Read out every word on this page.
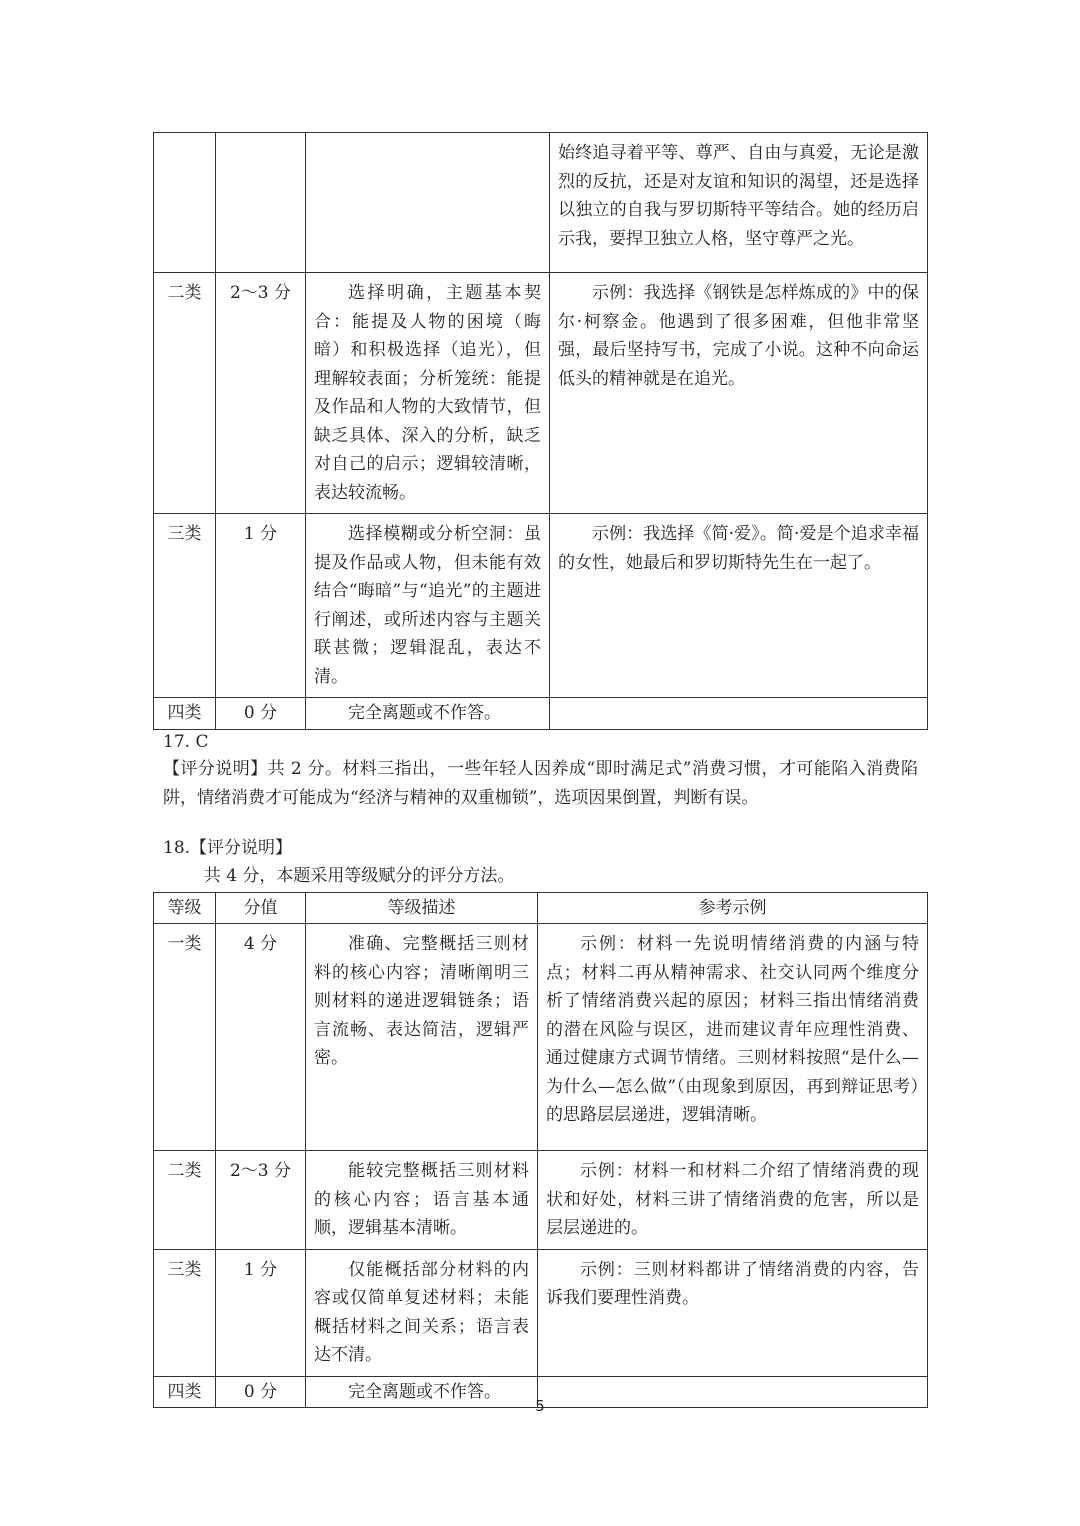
			始终追寻着平等、尊严、自由与真爱，无论是激烈的反抗，还是对友谊和知识的渴望，还是选择以独立的自我与罗切斯特平等结合。她的经历启示我，要捍卫独立人格，坚守尊严之光。
二类	2～3 分	选择明确，主题基本契合：能提及人物的困境（晦暗）和积极选择（追光），但理解较表面；分析笼统：能提及作品和人物的大致情节，但缺乏具体、深入的分析，缺乏对自己的启示；逻辑较清晰，表达较流畅。	示例：我选择《钢铁是怎样炼成的》中的保尔·柯察金。他遇到了很多困难，但他非常坚强，最后坚持写书，完成了小说。这种不向命运低头的精神就是在追光。
三类	1 分	选择模糊或分析空洞：虽提及作品或人物，但未能有效结合“晦暗”与“追光”的主题进行阐述，或所述内容与主题关联甚微；逻辑混乱，表达不清。	示例：我选择《简·爱》。简·爱是个追求幸福的女性，她最后和罗切斯特先生在一起了。
四类	0 分	完全离题或不作答。	
17. C
【评分说明】共 2 分。材料三指出，一些年轻人因养成“即时满足式”消费习惯，才可能陷入消费陷阱，情绪消费才可能成为“经济与精神的双重枷锁”，选项因果倒置，判断有误。
18.【评分说明】
共 4 分，本题采用等级赋分的评分方法。
等级	分值	等级描述	参考示例
一类	4 分	准确、完整概括三则材料的核心内容；清晰阐明三则材料的递进逻辑链条；语言流畅、表达简洁，逻辑严密。	示例：材料一先说明情绪消费的内涵与特点；材料二再从精神需求、社交认同两个维度分析了情绪消费兴起的原因；材料三指出情绪消费的潜在风险与误区，进而建议青年应理性消费、通过健康方式调节情绪。三则材料按照“是什么—为什么—怎么做”（由现象到原因，再到辩证思考）的思路层层递进，逻辑清晰。
二类	2～3 分	能较完整概括三则材料的核心内容；语言基本通顺，逻辑基本清晰。	示例：材料一和材料二介绍了情绪消费的现状和好处，材料三讲了情绪消费的危害，所以是层层递进的。
三类	1 分	仅能概括部分材料的内容或仅简单复述材料；未能概括材料之间关系；语言表达不清。	示例：三则材料都讲了情绪消费的内容，告诉我们要理性消费。
四类	0 分	完全离题或不作答。	
5
